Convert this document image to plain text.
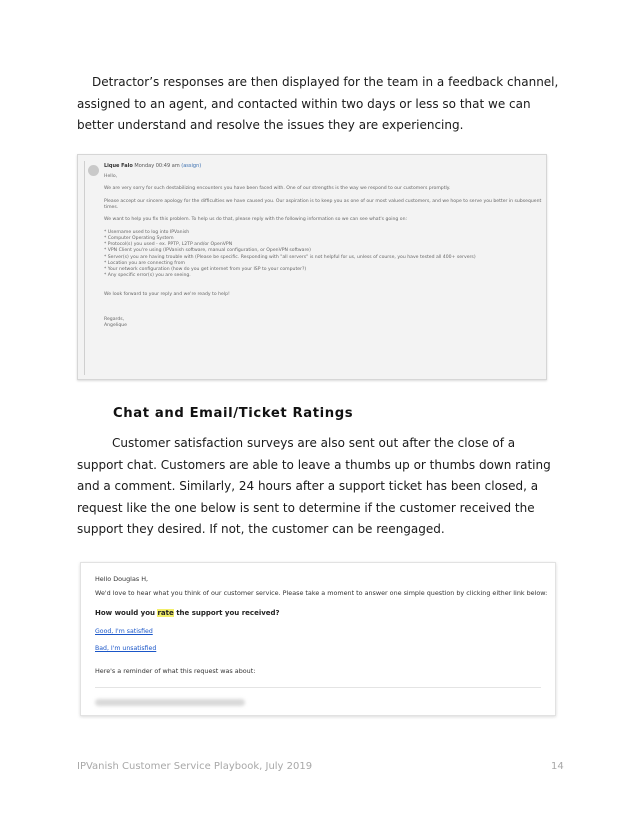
Detractor’s responses are then displayed for the team in a feedback channel, assigned to an agent, and contacted within two days or less so that we can better understand and resolve the issues they are experiencing.

Lique Falo Monday 00:49 am (assign)
Hello,

We are very sorry for such destabilizing encounters you have been faced with. One of our strengths is the way we respond to our customers promptly.

Please accept our sincere apology for the difficulties we have caused you. Our aspiration is to keep you as one of our most valued customers, and we hope to serve you better in subsequent times.

We want to help you fix this problem. To help us do that, please reply with the following information so we can see what's going on:

* Username used to log into IPVanish
* Computer Operating System
* Protocol(s) you used - ex. PPTP, L2TP and/or OpenVPN
* VPN Client you're using (IPVanish software, manual configuration, or OpenVPN software)
* Server(s) you are having trouble with (Please be specific. Responding with "all servers" is not helpful for us, unless of course, you have tested all 400+ servers)
* Location you are connecting from
* Your network configuration (how do you get internet from your ISP to your computer?)
* Any specific error(s) you are seeing.

We look forward to your reply and we're ready to help!

Regards,
Angelique
Chat and Email/Ticket Ratings

Customer satisfaction surveys are also sent out after the close of a support chat. Customers are able to leave a thumbs up or thumbs down rating and a comment. Similarly, 24 hours after a support ticket has been closed, a request like the one below is sent to determine if the customer received the support they desired. If not, the customer can be reengaged.

Hello Douglas H,
We'd love to hear what you think of our customer service. Please take a moment to answer one simple question by clicking either link below:
How would you rate the support you received?
Good, I'm satisfied
Bad, I'm unsatisfied
Here's a reminder of what this request was about:
IPVanish Customer Service Playbook, July 2019	14
